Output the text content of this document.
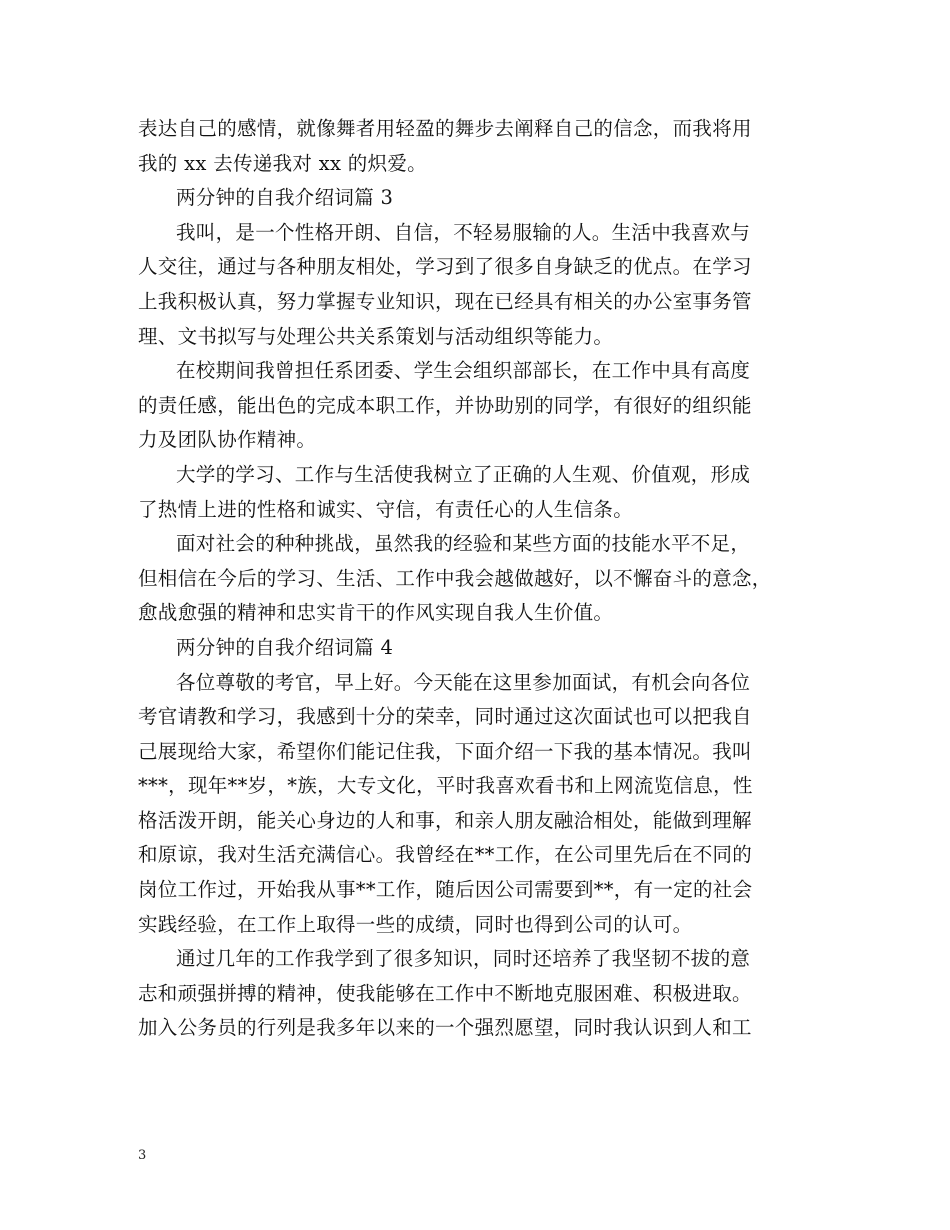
表达自己的感情，就像舞者用轻盈的舞步去阐释自己的信念，而我将用
我的 xx 去传递我对 xx 的炽爱。
两分钟的自我介绍词篇 3
我叫，是一个性格开朗、自信，不轻易服输的人。生活中我喜欢与
人交往，通过与各种朋友相处，学习到了很多自身缺乏的优点。在学习
上我积极认真，努力掌握专业知识，现在已经具有相关的办公室事务管
理、文书拟写与处理公共关系策划与活动组织等能力。
在校期间我曾担任系团委、学生会组织部部长，在工作中具有高度
的责任感，能出色的完成本职工作，并协助别的同学，有很好的组织能
力及团队协作精神。
大学的学习、工作与生活使我树立了正确的人生观、价值观，形成
了热情上进的性格和诚实、守信，有责任心的人生信条。
面对社会的种种挑战，虽然我的经验和某些方面的技能水平不足，
但相信在今后的学习、生活、工作中我会越做越好，以不懈奋斗的意念，
愈战愈强的精神和忠实肯干的作风实现自我人生价值。
两分钟的自我介绍词篇 4
各位尊敬的考官，早上好。今天能在这里参加面试，有机会向各位
考官请教和学习，我感到十分的荣幸，同时通过这次面试也可以把我自
己展现给大家，希望你们能记住我，下面介绍一下我的基本情况。我叫
***，现年**岁，*族，大专文化，平时我喜欢看书和上网流览信息，性
格活泼开朗，能关心身边的人和事，和亲人朋友融洽相处，能做到理解
和原谅，我对生活充满信心。我曾经在**工作，在公司里先后在不同的
岗位工作过，开始我从事**工作，随后因公司需要到**，有一定的社会
实践经验，在工作上取得一些的成绩，同时也得到公司的认可。
通过几年的工作我学到了很多知识，同时还培养了我坚韧不拔的意
志和顽强拼搏的精神，使我能够在工作中不断地克服困难、积极进取。
加入公务员的行列是我多年以来的一个强烈愿望，同时我认识到人和工
3
